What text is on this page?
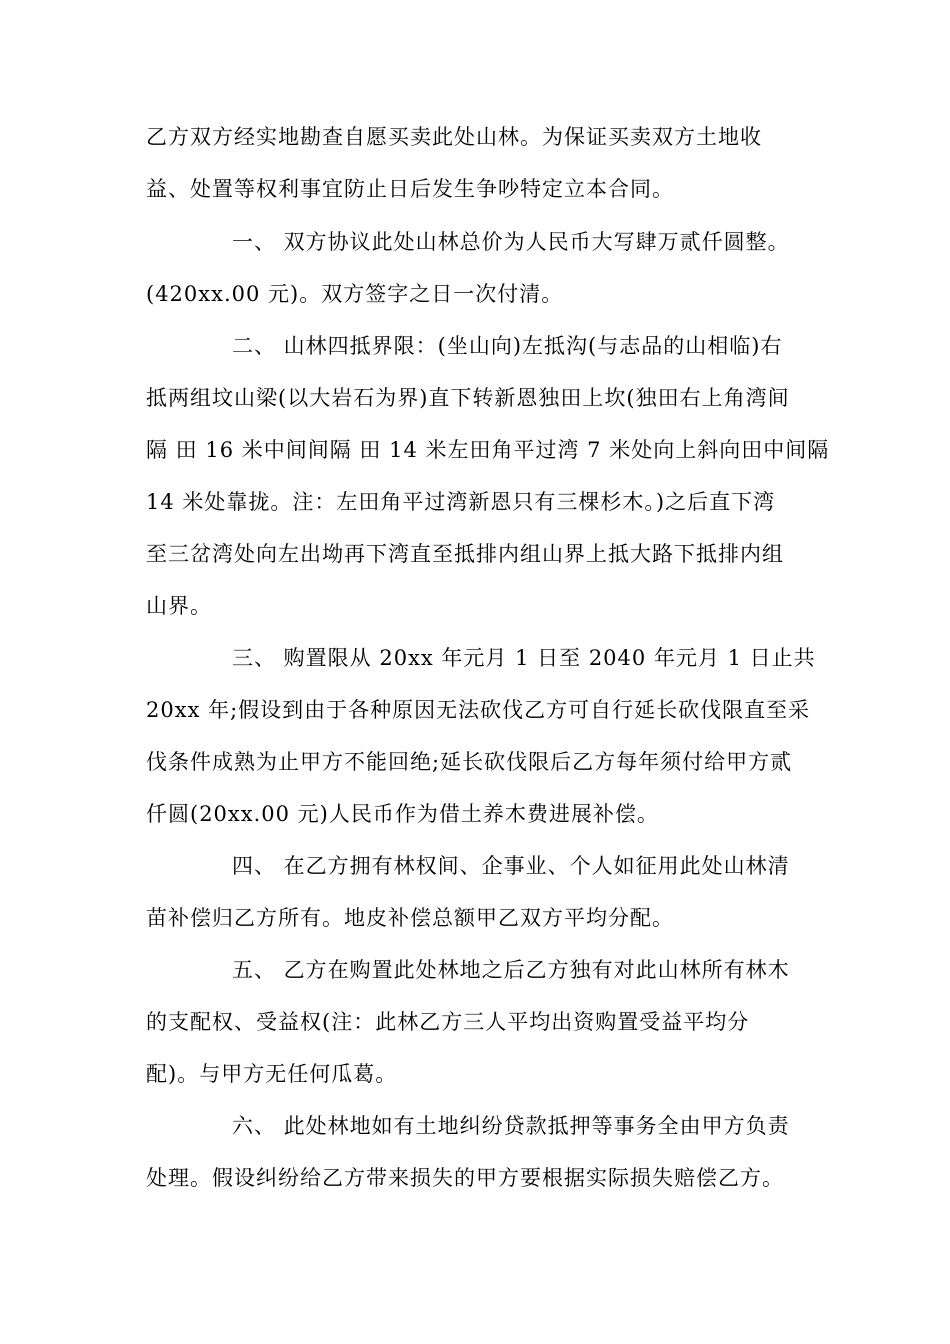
乙方双方经实地勘查自愿买卖此处山林。为保证买卖双方土地收
益、处置等权利事宜防止日后发生争吵特定立本合同。
一、 双方协议此处山林总价为人民币大写肆万贰仟圆整。
(420xx.00 元)。双方签字之日一次付清。
二、 山林四抵界限：(坐山向)左抵沟(与志品的山相临)右
抵两组坟山梁(以大岩石为界)直下转新恩独田上坎(独田右上角湾间
隔 田 16 米中间间隔 田 14 米左田角平过湾 7 米处向上斜向田中间隔
14 米处靠拢。注：左田角平过湾新恩只有三棵杉木。)之后直下湾
至三岔湾处向左出坳再下湾直至抵排内组山界上抵大路下抵排内组
山界。
三、 购置限从 20xx 年元月 1 日至 2040 年元月 1 日止共
20xx 年;假设到由于各种原因无法砍伐乙方可自行延长砍伐限直至采
伐条件成熟为止甲方不能回绝;延长砍伐限后乙方每年须付给甲方贰
仟圆(20xx.00 元)人民币作为借土养木费进展补偿。
四、 在乙方拥有林权间、企事业、个人如征用此处山林清
苗补偿归乙方所有。地皮补偿总额甲乙双方平均分配。
五、 乙方在购置此处林地之后乙方独有对此山林所有林木
的支配权、受益权(注：此林乙方三人平均出资购置受益平均分
配)。与甲方无任何瓜葛。
六、 此处林地如有土地纠纷贷款抵押等事务全由甲方负责
处理。假设纠纷给乙方带来损失的甲方要根据实际损失赔偿乙方。
